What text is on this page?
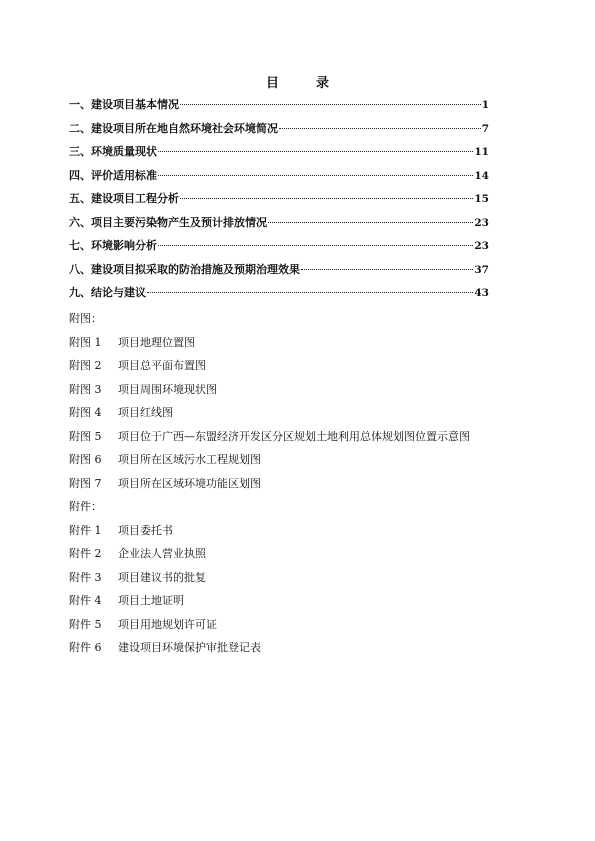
目　录
一、建设项目基本情况	1
二、建设项目所在地自然环境社会环境简况	7
三、环境质量现状	11
四、评价适用标准	14
五、建设项目工程分析	15
六、项目主要污染物产生及预计排放情况	23
七、环境影响分析	23
八、建设项目拟采取的防治措施及预期治理效果	37
九、结论与建议	43
附图：
附图 1 项目地理位置图
附图 2 项目总平面布置图
附图 3 项目周围环境现状图
附图 4 项目红线图
附图 5 项目位于广西—东盟经济开发区分区规划土地利用总体规划图位置示意图
附图 6 项目所在区域污水工程规划图
附图 7 项目所在区域环境功能区划图
附件：
附件 1 项目委托书
附件 2 企业法人营业执照
附件 3 项目建议书的批复
附件 4 项目土地证明
附件 5 项目用地规划许可证
附件 6 建设项目环境保护审批登记表
